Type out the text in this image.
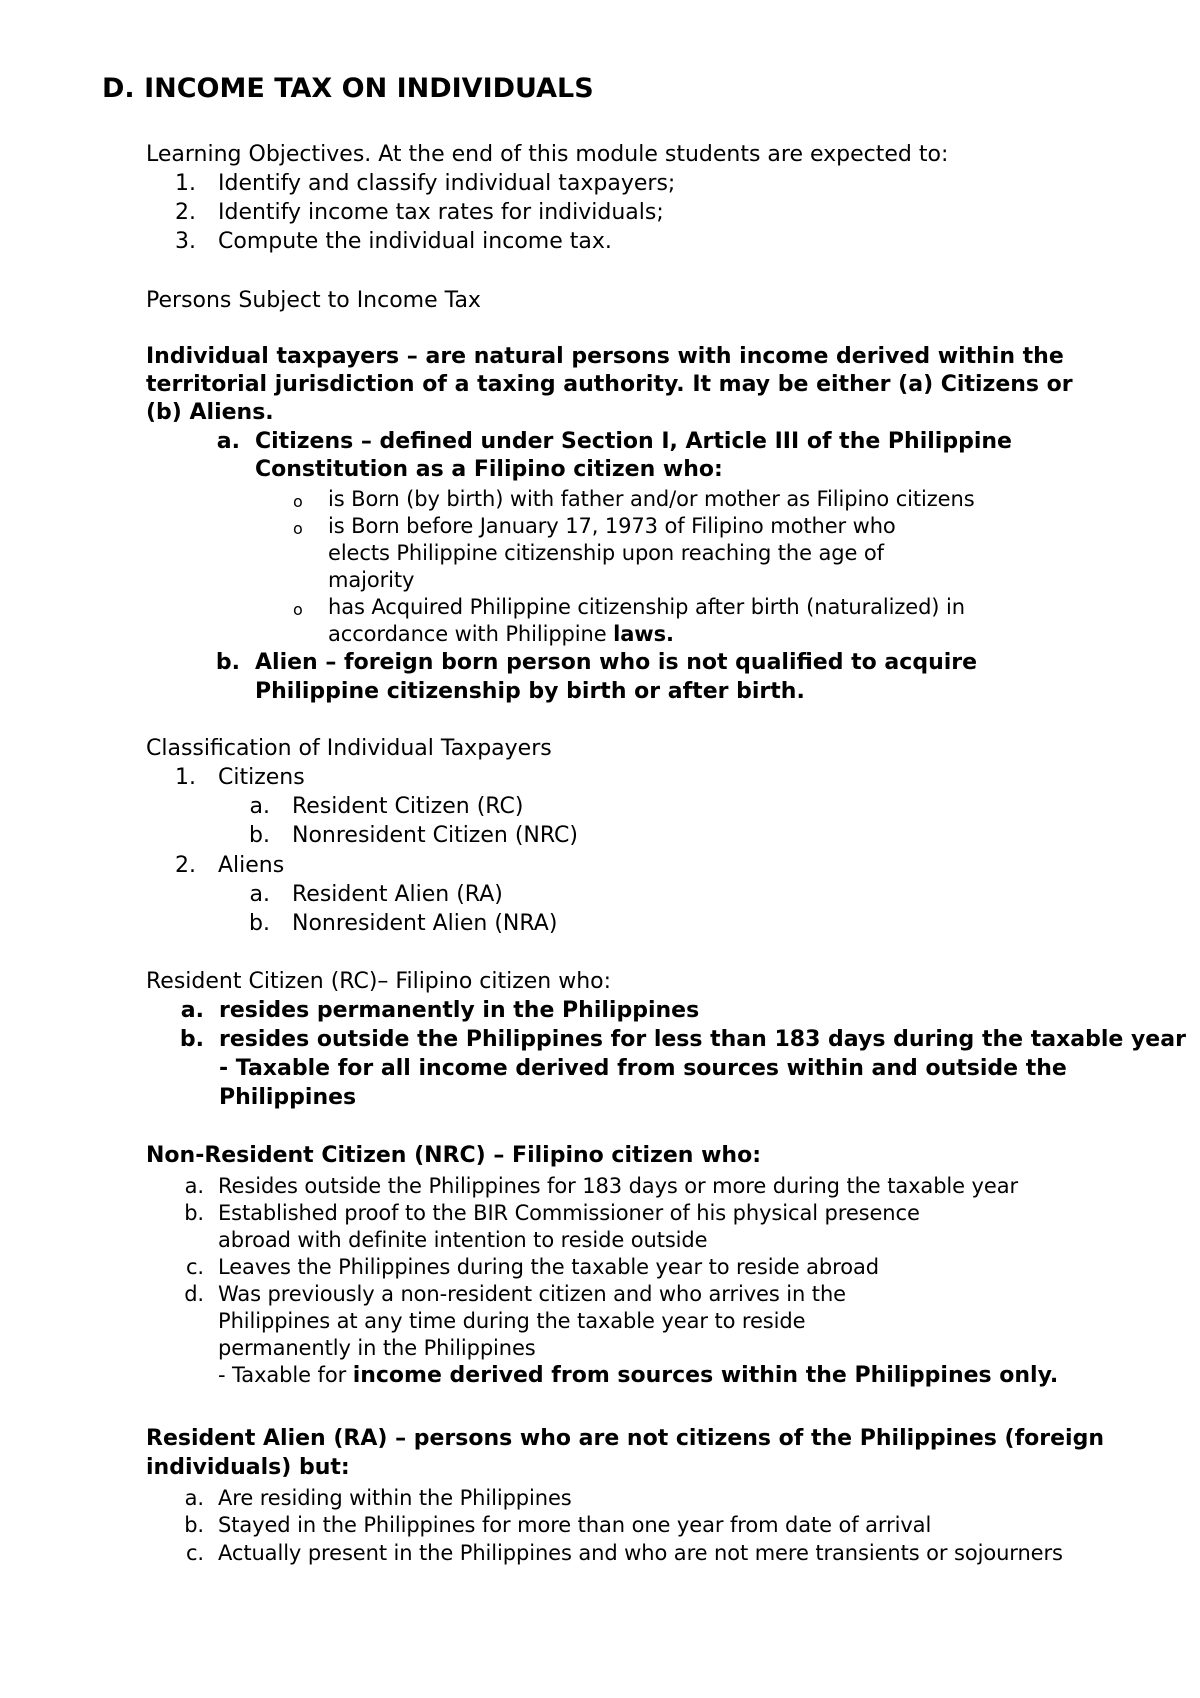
D. INCOME TAX ON INDIVIDUALS
Learning Objectives. At the end of this module students are expected to:
1. Identify and classify individual taxpayers;
2. Identify income tax rates for individuals;
3. Compute the individual income tax.
Persons Subject to Income Tax
Individual taxpayers – are natural persons with income derived within the
territorial jurisdiction of a taxing authority. It may be either (a) Citizens or
(b) Aliens.
a. Citizens – defined under Section I, Article III of the Philippine
Constitution as a Filipino citizen who:
o is Born (by birth) with father and/or mother as Filipino citizens
o is Born before January 17, 1973 of Filipino mother who
elects Philippine citizenship upon reaching the age of
majority
o has Acquired Philippine citizenship after birth (naturalized) in
accordance with Philippine laws.
b. Alien – foreign born person who is not qualified to acquire
Philippine citizenship by birth or after birth.
Classification of Individual Taxpayers
1. Citizens
a. Resident Citizen (RC)
b. Nonresident Citizen (NRC)
2. Aliens
a. Resident Alien (RA)
b. Nonresident Alien (NRA)
Resident Citizen (RC)– Filipino citizen who:
a. resides permanently in the Philippines
b. resides outside the Philippines for less than 183 days during the taxable year
- Taxable for all income derived from sources within and outside the
Philippines
Non-Resident Citizen (NRC) – Filipino citizen who:
a. Resides outside the Philippines for 183 days or more during the taxable year
b. Established proof to the BIR Commissioner of his physical presence
abroad with definite intention to reside outside
c. Leaves the Philippines during the taxable year to reside abroad
d. Was previously a non-resident citizen and who arrives in the
Philippines at any time during the taxable year to reside
permanently in the Philippines
- Taxable for income derived from sources within the Philippines only.
Resident Alien (RA) – persons who are not citizens of the Philippines (foreign
individuals) but:
a. Are residing within the Philippines
b. Stayed in the Philippines for more than one year from date of arrival
c. Actually present in the Philippines and who are not mere transients or sojourners
